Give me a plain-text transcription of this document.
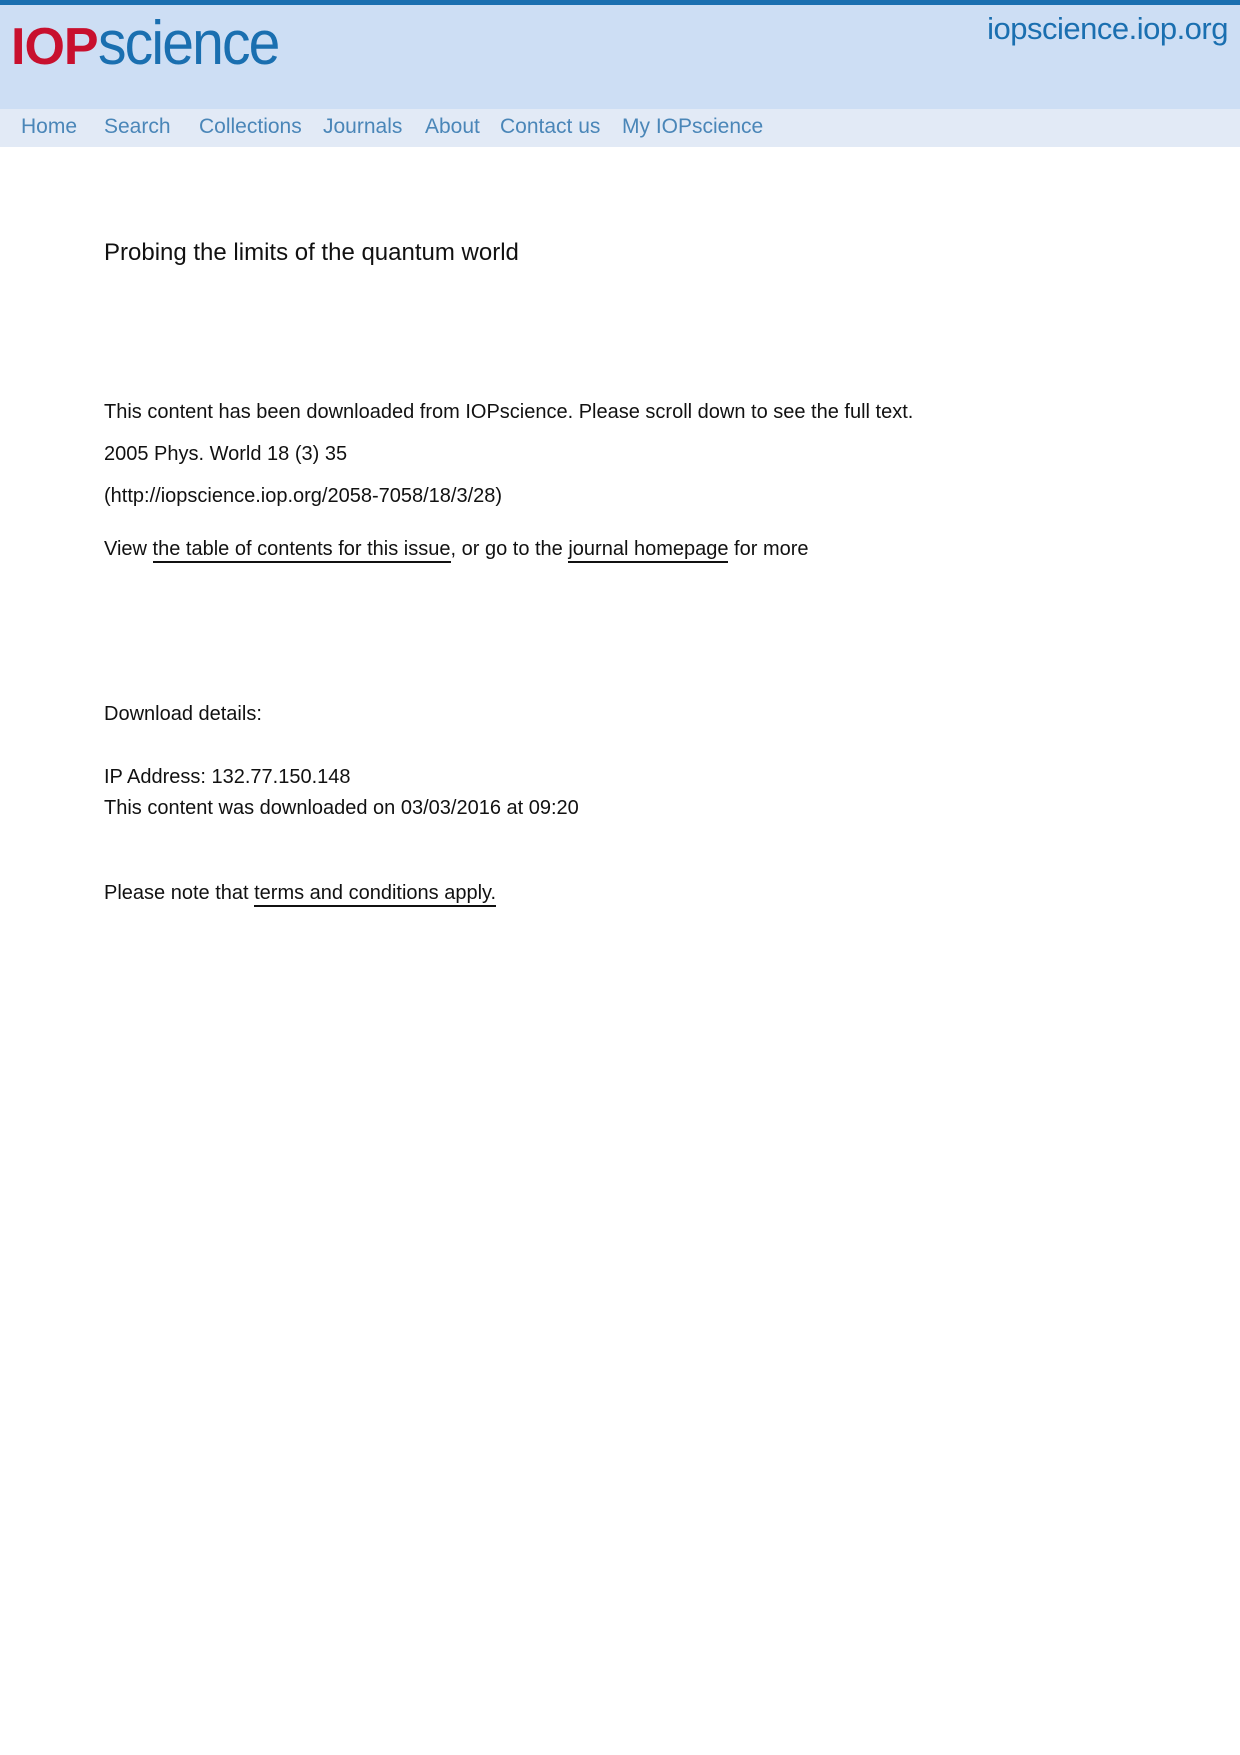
IOP science	iopscience.iop.org
Home Search Collections Journals About Contact us My IOPscience
Probing the limits of the quantum world
This content has been downloaded from IOPscience. Please scroll down to see the full text.
2005 Phys. World 18 (3) 35
(http://iopscience.iop.org/2058-7058/18/3/28)
View the table of contents for this issue, or go to the journal homepage for more
Download details:
IP Address: 132.77.150.148
This content was downloaded on 03/03/2016 at 09:20
Please note that terms and conditions apply.
